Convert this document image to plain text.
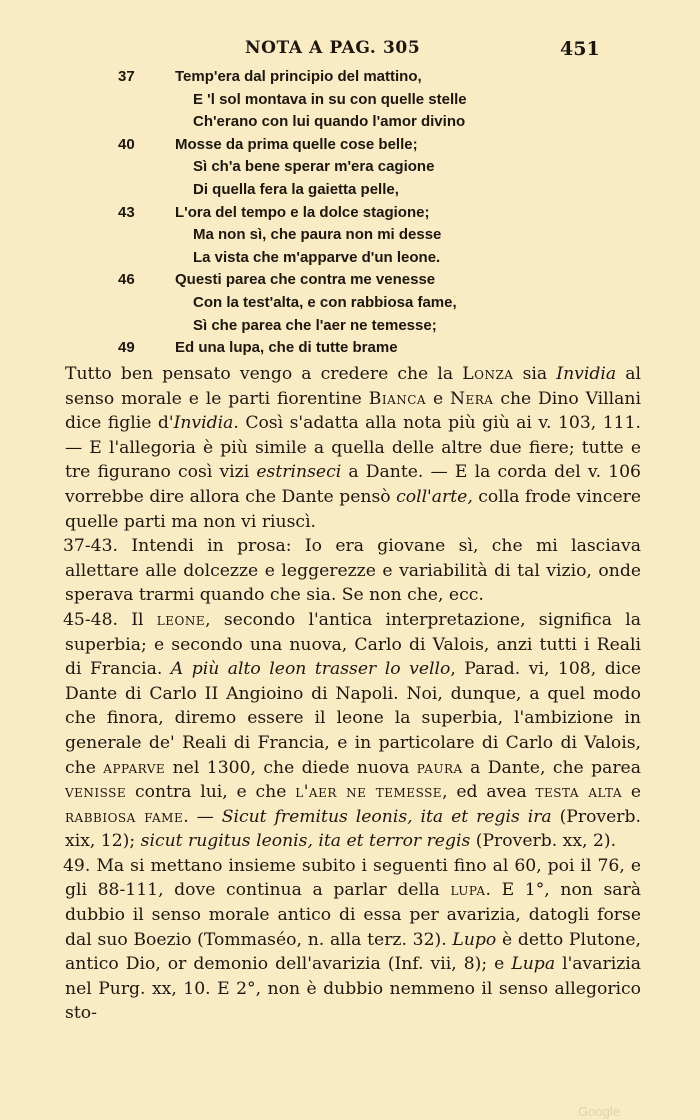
NOTA A PAG. 305	451
37	Temp'era dal principio del mattino,
E 'l sol montava in su con quelle stelle
Ch'erano con lui quando l'amor divino
40	Mosse da prima quelle cose belle;
Sì ch'a bene sperar m'era cagione
Di quella fera la gaietta pelle,
43	L'ora del tempo e la dolce stagione;
Ma non sì, che paura non mi desse
La vista che m'apparve d'un leone.
46	Questi parea che contra me venesse
Con la test'alta, e con rabbiosa fame,
Sì che parea che l'aer ne temesse;
49	Ed una lupa, che di tutte brame

Tutto ben pensato vengo a credere che la Lonza sia Invidia al senso morale e le parti fiorentine Bianca e Nera che Dino Villani dice figlie d'Invidia. Così s'adatta alla nota più giù ai v. 103, 111. — E l'allegoria è più simile a quella delle altre due fiere; tutte e tre figurano così vizi estrinseci a Dante. — E la corda del v. 106 vorrebbe dire allora che Dante pensò coll'arte, colla frode vincere quelle parti ma non vi riuscì.

37-43. Intendi in prosa: Io era giovane sì, che mi lasciava allettare alle dolcezze e leggerezze e variabilità di tal vizio, onde sperava trarmi quando che sia. Se non che, ecc.

45-48. Il leone, secondo l'antica interpretazione, significa la superbia; e secondo una nuova, Carlo di Valois, anzi tutti i Reali di Francia. A più alto leon trasser lo vello, Parad. vi, 108, dice Dante di Carlo II Angioino di Napoli. Noi, dunque, a quel modo che finora, diremo essere il leone la superbia, l'ambizione in generale de' Reali di Francia, e in particolare di Carlo di Valois, che apparve nel 1300, che diede nuova paura a Dante, che parea venisse contra lui, e che l'aer ne temesse, ed avea testa alta e rabbiosa fame. — Sicut fremitus leonis, ita et regis ira (Proverb. xix, 12); sicut rugitus leonis, ita et terror regis (Proverb. xx, 2).

49. Ma si mettano insieme subito i seguenti fino al 60, poi il 76, e gli 88-111, dove continua a parlar della lupa. E 1°, non sarà dubbio il senso morale antico di essa per avarizia, datogli forse dal suo Boezio (Tommaséo, n. alla terz. 32). Lupo è detto Plutone, antico Dio, or demonio dell'avarizia (Inf. vii, 8); e Lupa l'avarizia nel Purg. xx, 10. E 2°, non è dubbio nemmeno il senso allegorico sto-

Google
